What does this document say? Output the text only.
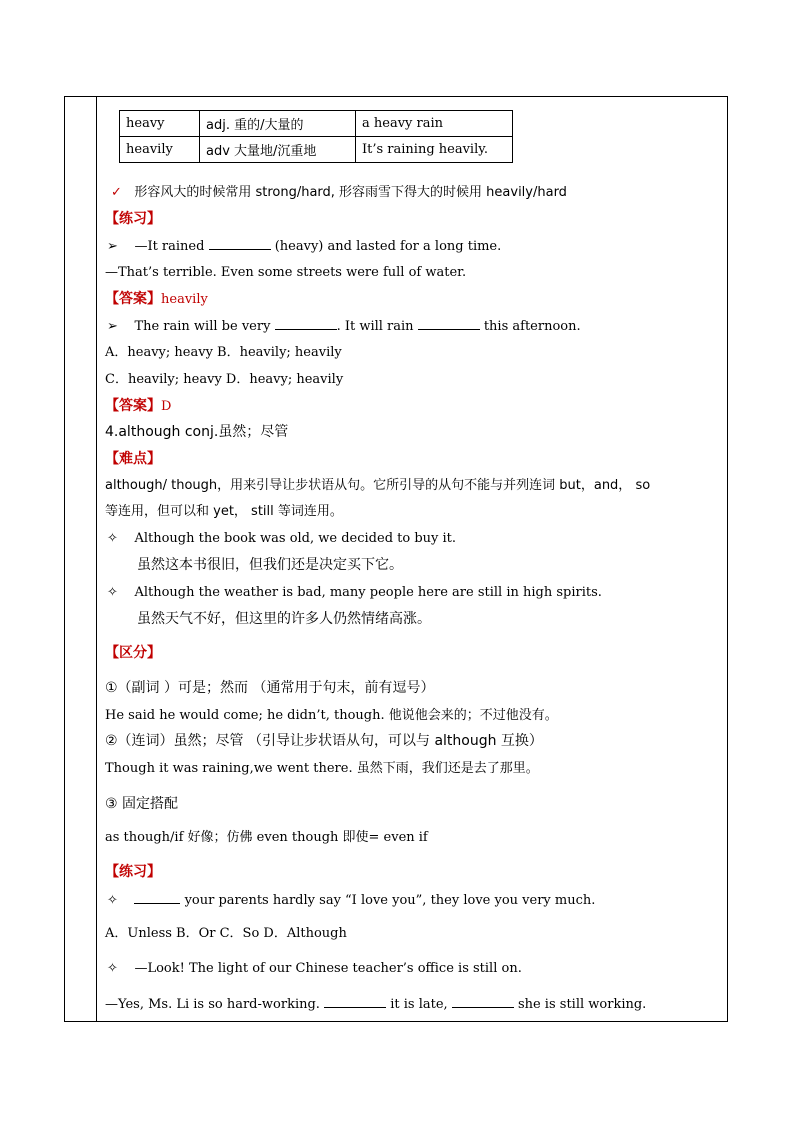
heavy	adj. 重的/大量的	a heavy rain
heavily	adv 大量地/沉重地	It’s raining heavily.
✓ 形容风大的时候常用 strong/hard, 形容雨雪下得大的时候用 heavily/hard
【练习】
➢ —It rained	(heavy) and lasted for a long time.
—That’s terrible. Even some streets were full of water.
【答案】heavily
➢ The rain will be very	. It will rain	this afternoon.
A．heavy; heavy B．heavily; heavily
C．heavily; heavy D．heavy; heavily
【答案】D
4.although conj.虽然；尽管
【难点】
although/ though，用来引导让步状语从句。它所引导的从句不能与并列连词 but，and， so
等连用，但可以和 yet， still 等词连用。
✧ Although the book was old, we decided to buy it.
虽然这本书很旧，但我们还是决定买下它。
✧ Although the weather is bad, many people here are still in high spirits.
虽然天气不好，但这里的许多人仍然情绪高涨。
【区分】
①（副词 ）可是；然而 （通常用于句末，前有逗号）
He said he would come; he didn’t, though. 他说他会来的；不过他没有。
②（连词）虽然；尽管 （引导让步状语从句，可以与 although 互换）
Though it was raining,we went there. 虽然下雨，我们还是去了那里。
③ 固定搭配
as though/if 好像；仿佛 even though 即使= even if
【练习】
✧	your parents hardly say “I love you”, they love you very much.
A．Unless B．Or C．So D．Although
✧ —Look! The light of our Chinese teacher’s office is still on.
—Yes, Ms. Li is so hard-working.	it is late,	she is still working.
